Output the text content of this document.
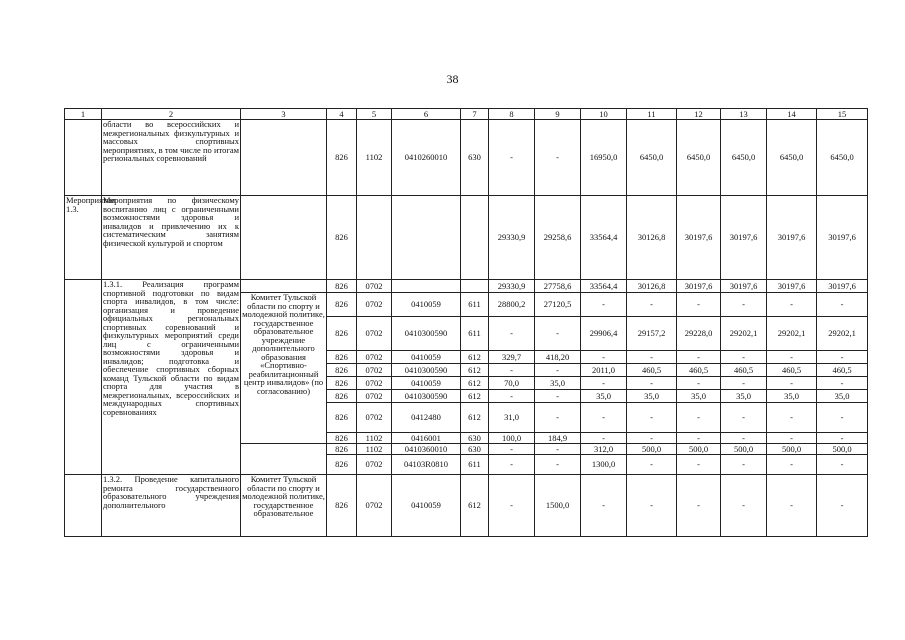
38
1	2	3	4	5	6	7	8	9	10	11	12	13	14	15
	области во всероссийских и межрегиональных физкультурных и массовых спортивных мероприятиях, в том числе по итогам региональных соревнований		826	1102	0410260010	630	-	-	16950,0	6450,0	6450,0	6450,0	6450,0	6450,0
Мероприятия 1.3.	Мероприятия по физическому воспитанию лиц с ограниченными возможностями здоровья и инвалидов и привлечению их к систематическим занятиям физической культурой и спортом		826				29330,9	29258,6	33564,4	30126,8	30197,6	30197,6	30197,6	30197,6
	1.3.1. Реализация программ спортивной подготовки по видам спорта инвалидов, в том числе: организация и проведение официальных региональных спортивных соревнований и физкультурных мероприятий среди лиц с ограниченными возможностями здоровья и инвалидов; подготовка и обеспечение спортивных сборных команд Тульской области по видам спорта для участия в межрегиональных, всероссийских и международных спортивных соревнованиях		826	0702			29330,9	27758,6	33564,4	30126,8	30197,6	30197,6	30197,6	30197,6
		Комитет Тульской области по спорту и молодежной политике, государственное образовательное учреждение дополнительного образования «Спортивно-реабилитационный центр инвалидов» (по согласованию)	826	0702	0410059	611	28800,2	27120,5	-	-	-	-	-	-
			826	0702	0410300590	611	-	-	29906,4	29157,2	29228,0	29202,1	29202,1	29202,1
			826	0702	0410059	612	329,7	418,20	-	-	-	-	-	-
			826	0702	0410300590	612	-	-	2011,0	460,5	460,5	460,5	460,5	460,5
			826	0702	0410059	612	70,0	35,0	-	-	-	-	-	-
			826	0702	0410300590	612	-	-	35,0	35,0	35,0	35,0	35,0	35,0
			826	0702	0412480	612	31,0	-	-	-	-	-	-	-
			826	1102	0416001	630	100,0	184,9	-	-	-	-	-	-
			826	1102	0410360010	630	-	-	312,0	500,0	500,0	500,0	500,0	500,0
			826	0702	04103R0810	611	-	-	1300,0	-	-	-	-	-
	1.3.2. Проведение капитального ремонта государственного образовательного учреждения дополнительного	Комитет Тульской области по спорту и молодежной политике, государственное образовательное	826	0702	0410059	612	-	1500,0	-	-	-	-	-	-
